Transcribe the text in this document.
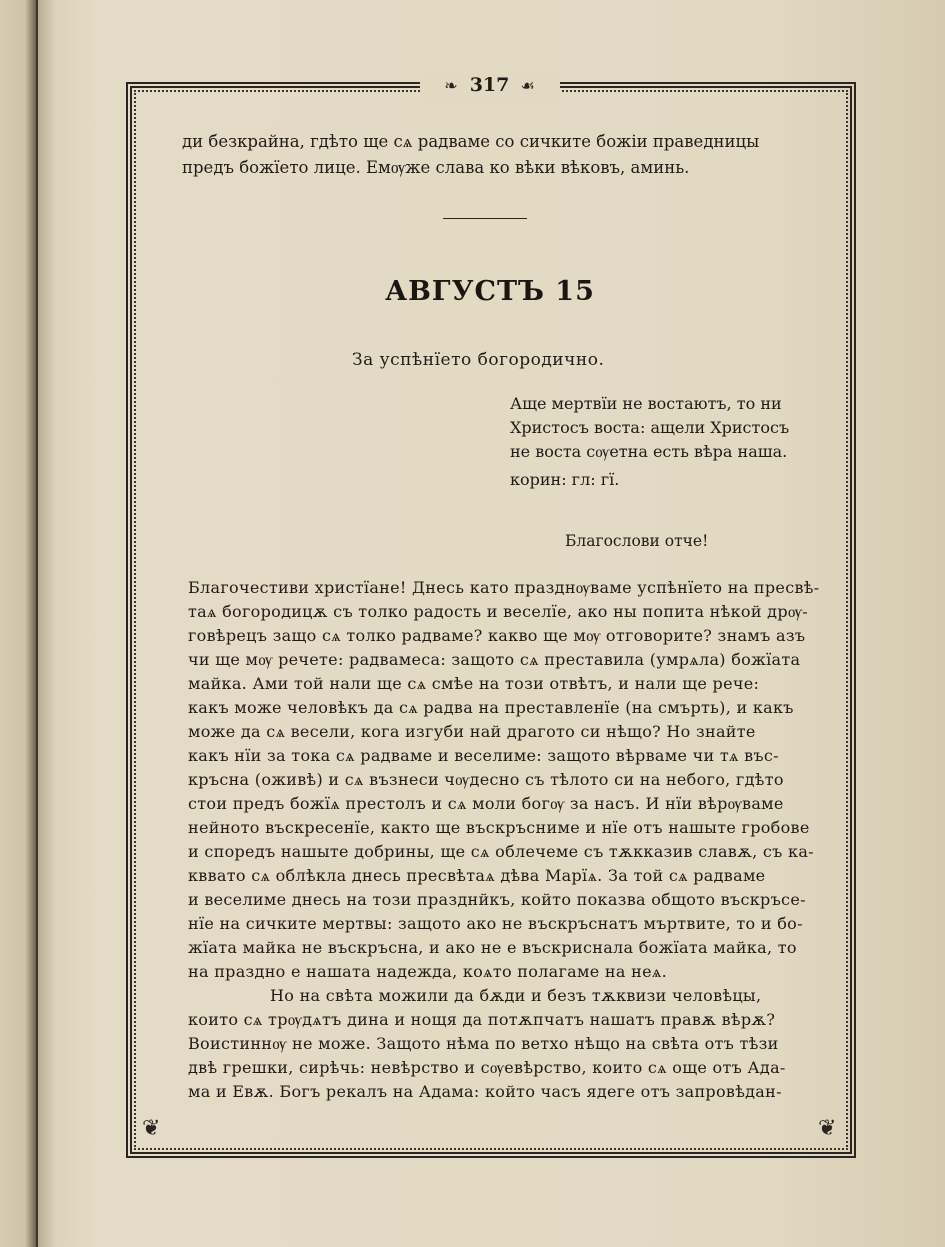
❦	❦
❧ 317 ☙
ди безкрайна, гдѣто ще сѧ радваме со сичките божіи праведницы
предъ божїето лице. Емѹже слава ко вѣки вѣковъ, аминь.
АВГУСТЪ 15
За успѣнїето богородично.
Аще мертвїи не востаютъ, то ни
Христосъ воста: ащели Христосъ
не воста сѹетна есть вѣра наша.
корин: гл: гї.
Благослови отче!
Благочестиви христїане! Днесь като празднѹваме успѣнїето на пресвѣ-
таѧ богородицѫ съ толко радость и веселїе, ако ны попита нѣкой дрѹ-
говѣрецъ защо сѧ толко радваме? какво ще мѹ отговорите? знамъ азъ
чи ще мѹ речете: радвамеса: защото сѧ преставила (умрѧла) божїата
майка. Ами той нали ще сѧ смѣе на този отвѣтъ, и нали ще рече:
какъ може человѣкъ да сѧ радва на преставленїе (на смърть), и какъ
може да сѧ весели, кога изгуби най драгото си нѣщо? Но знайте
какъ нїи за тока сѧ радваме и веселиме: защото вѣрваме чи тѧ въс-
кръсна (оживѣ) и сѧ възнеси чѹдесно съ тѣлото си на небого, гдѣто
стои предъ божїѧ престолъ и сѧ моли богѹ за насъ. И нїи вѣрѹваме
нейното въскресенїе, както ще въскръсниме и нїе отъ нашыте гробове
и споредъ нашыте добрины, ще сѧ облечеме съ тѫкказив славѫ, съ ка-
кввато сѧ облѣкла днесь пресвѣтаѧ дѣва Марїѧ. За той сѧ радваме
и веселиме днесь на този празднйкъ, който показва общото въскръсе-
нїе на сичките мертвы: защото ако не въскръснатъ мъртвите, то и бо-
жїата майка не въскръсна, и ако не е въскриснала божїата майка, то
на праздно е нашата надежда, коѧто полагаме на неѧ.
Но на свѣта можили да бѫди и безъ тѫквизи человѣцы,
които сѧ трѹдѧтъ дина и нощя да потѫпчатъ нашатъ правѫ вѣрѫ?
Воистиннѹ не може. Защото нѣма по ветхо нѣщо на свѣта отъ тѣзи
двѣ грешки, сирѣчь: невѣрство и сѹевѣрство, които сѧ още отъ Ада-
ма и Евѫ. Богъ рекалъ на Адама: който часъ ядеге отъ запровѣдан-
